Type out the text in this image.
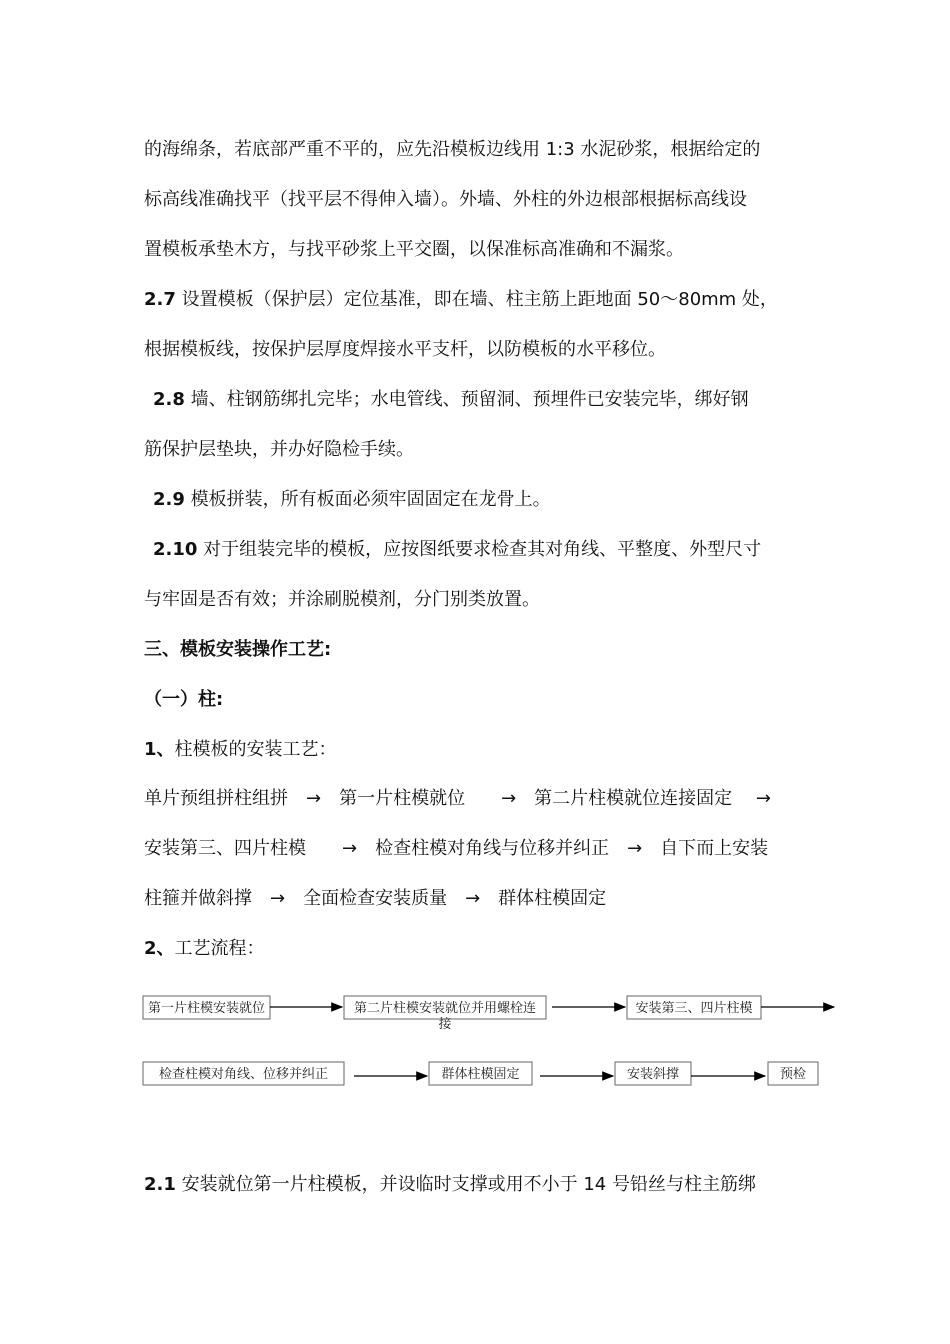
的海绵条，若底部严重不平的，应先沿模板边线用 1:3 水泥砂浆，根据给定的

标高线准确找平（找平层不得伸入墙）。外墙、外柱的外边根部根据标高线设

置模板承垫木方，与找平砂浆上平交圈，以保准标高准确和不漏浆。

2.7 设置模板（保护层）定位基准，即在墙、柱主筋上距地面 50～80mm 处，

根据模板线，按保护层厚度焊接水平支杆，以防模板的水平移位。

2.8 墙、柱钢筋绑扎完毕；水电管线、预留洞、预埋件已安装完毕，绑好钢

筋保护层垫块，并办好隐检手续。

2.9 模板拼装，所有板面必须牢固固定在龙骨上。

2.10 对于组装完毕的模板，应按图纸要求检查其对角线、平整度、外型尺寸

与牢固是否有效；并涂刷脱模剂，分门别类放置。

三、模板安装操作工艺:

（一）柱:

1、柱模板的安装工艺：

单片预组拼柱组拼　→　第一片柱模就位　　→　第二片柱模就位连接固定　 →

安装第三、四片柱模　　→　检查柱模对角线与位移并纠正　→　自下而上安装

柱箍并做斜撑　→　全面检查安装质量　→　群体柱模固定

2、工艺流程：

第一片柱模安装就位	第二片柱模安装就位并用螺栓连
接
安装第三、四片柱模
检查柱模对角线、位移并纠正	群体柱模固定	安装斜撑	预检

2.1 安装就位第一片柱模板，并设临时支撑或用不小于 14 号铅丝与柱主筋绑
